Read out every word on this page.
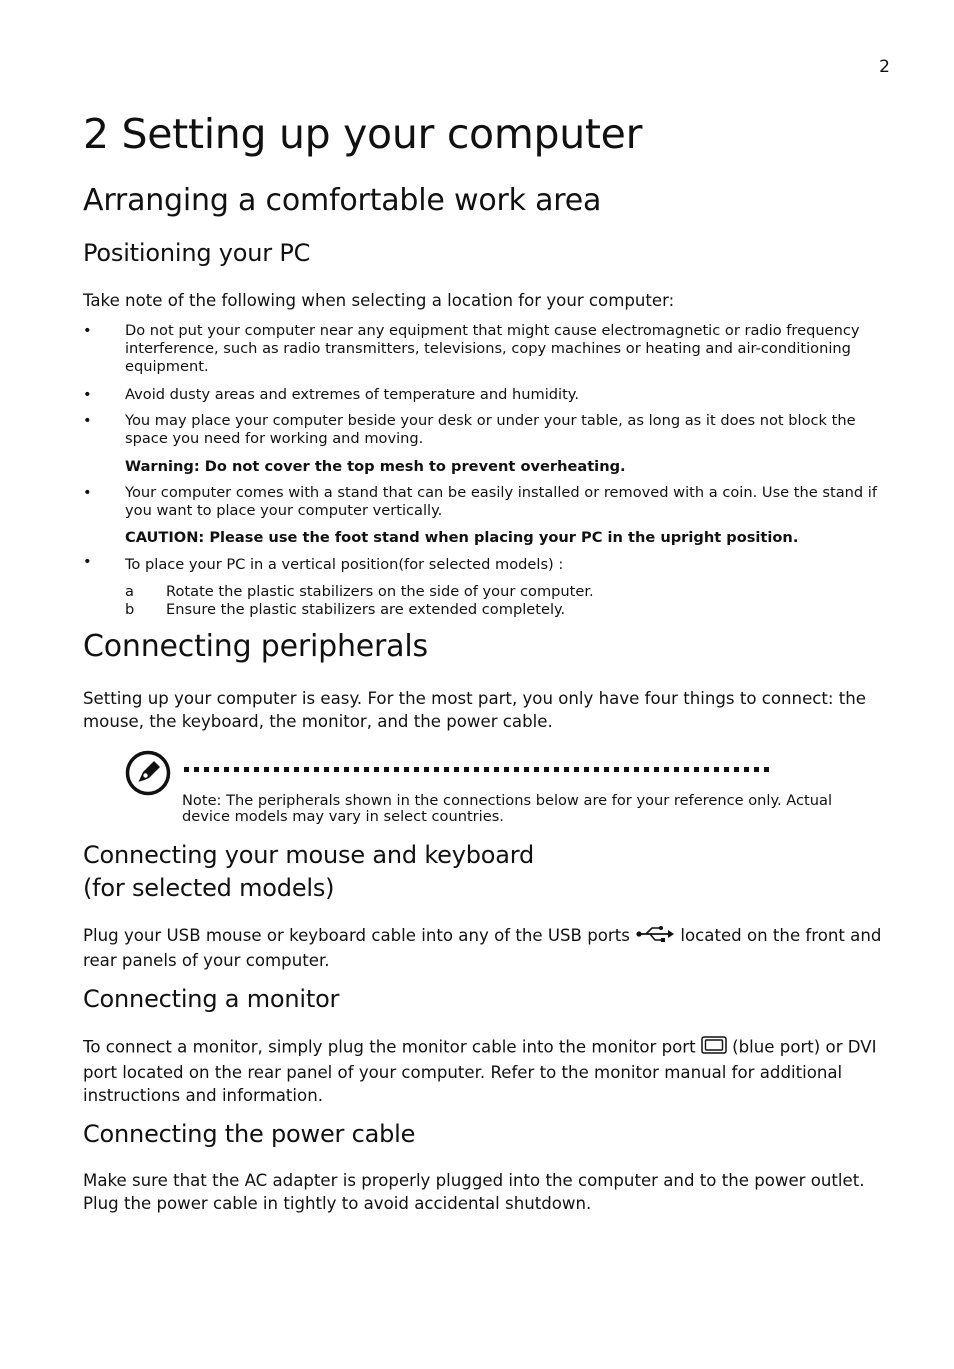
2
2 Setting up your computer
Arranging a comfortable work area
Positioning your PC
Take note of the following when selecting a location for your computer:
• Do not put your computer near any equipment that might cause electromagnetic or radio frequency interference, such as radio transmitters, televisions, copy machines or heating and air-conditioning equipment.
• Avoid dusty areas and extremes of temperature and humidity.
• You may place your computer beside your desk or under your table, as long as it does not block the space you need for working and moving.
Warning: Do not cover the top mesh to prevent overheating.
• Your computer comes with a stand that can be easily installed or removed with a coin. Use the stand if you want to place your computer vertically.
CAUTION: Please use the foot stand when placing your PC in the upright position.
• To place your PC in a vertical position(for selected models) :
a Rotate the plastic stabilizers on the side of your computer.
b Ensure the plastic stabilizers are extended completely.
Connecting peripherals
Setting up your computer is easy. For the most part, you only have four things to connect: the mouse, the keyboard, the monitor, and the power cable.
Note: The peripherals shown in the connections below are for your reference only. Actual device models may vary in select countries.
Connecting your mouse and keyboard
(for selected models)
Plug your USB mouse or keyboard cable into any of the USB ports  located on the front and rear panels of your computer.
Connecting a monitor
To connect a monitor, simply plug the monitor cable into the monitor port  (blue port) or DVI port located on the rear panel of your computer. Refer to the monitor manual for additional instructions and information.
Connecting the power cable
Make sure that the AC adapter is properly plugged into the computer and to the power outlet. Plug the power cable in tightly to avoid accidental shutdown.
